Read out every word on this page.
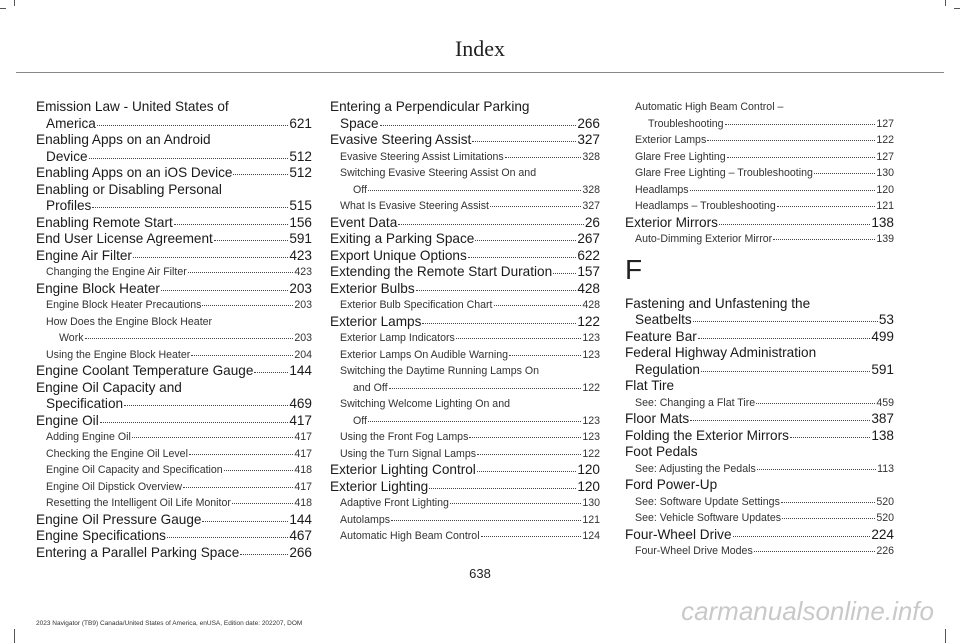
Index
Emission Law - United States of
America	621
Enabling Apps on an Android
Device	512
Enabling Apps on an iOS Device	512
Enabling or Disabling Personal
Profiles	515
Enabling Remote Start	156
End User License Agreement	591
Engine Air Filter	423
Changing the Engine Air Filter	423
Engine Block Heater	203
Engine Block Heater Precautions	203
How Does the Engine Block Heater
Work	203
Using the Engine Block Heater	204
Engine Coolant Temperature Gauge	144
Engine Oil Capacity and
Specification	469
Engine Oil	417
Adding Engine Oil	417
Checking the Engine Oil Level	417
Engine Oil Capacity and Specification	418
Engine Oil Dipstick Overview	417
Resetting the Intelligent Oil Life Monitor	418
Engine Oil Pressure Gauge	144
Engine Specifications	467
Entering a Parallel Parking Space	266
Entering a Perpendicular Parking
Space	266
Evasive Steering Assist	327
Evasive Steering Assist Limitations	328
Switching Evasive Steering Assist On and
Off	328
What Is Evasive Steering Assist	327
Event Data	26
Exiting a Parking Space	267
Export Unique Options	622
Extending the Remote Start Duration 157
Exterior Bulbs	428
Exterior Bulb Specification Chart	428
Exterior Lamps	122
Exterior Lamp Indicators	123
Exterior Lamps On Audible Warning	123
Switching the Daytime Running Lamps On
and Off	122
Switching Welcome Lighting On and
Off	123
Using the Front Fog Lamps	123
Using the Turn Signal Lamps	122
Exterior Lighting Control	120
Exterior Lighting	120
Adaptive Front Lighting	130
Autolamps	121
Automatic High Beam Control	124
Automatic High Beam Control –
Troubleshooting	127
Exterior Lamps	122
Glare Free Lighting	127
Glare Free Lighting – Troubleshooting	130
Headlamps	120
Headlamps – Troubleshooting	121
Exterior Mirrors	138
Auto-Dimming Exterior Mirror	139
F
Fastening and Unfastening the
Seatbelts	53
Feature Bar	499
Federal Highway Administration
Regulation	591
Flat Tire
See: Changing a Flat Tire	459
Floor Mats	387
Folding the Exterior Mirrors	138
Foot Pedals
See: Adjusting the Pedals	113
Ford Power-Up
See: Software Update Settings	520
See: Vehicle Software Updates	520
Four-Wheel Drive	224
Four-Wheel Drive Modes	226
638
2023 Navigator (TB9) Canada/United States of America, enUSA, Edition date: 202207, DOM	carmanualsonline.info
